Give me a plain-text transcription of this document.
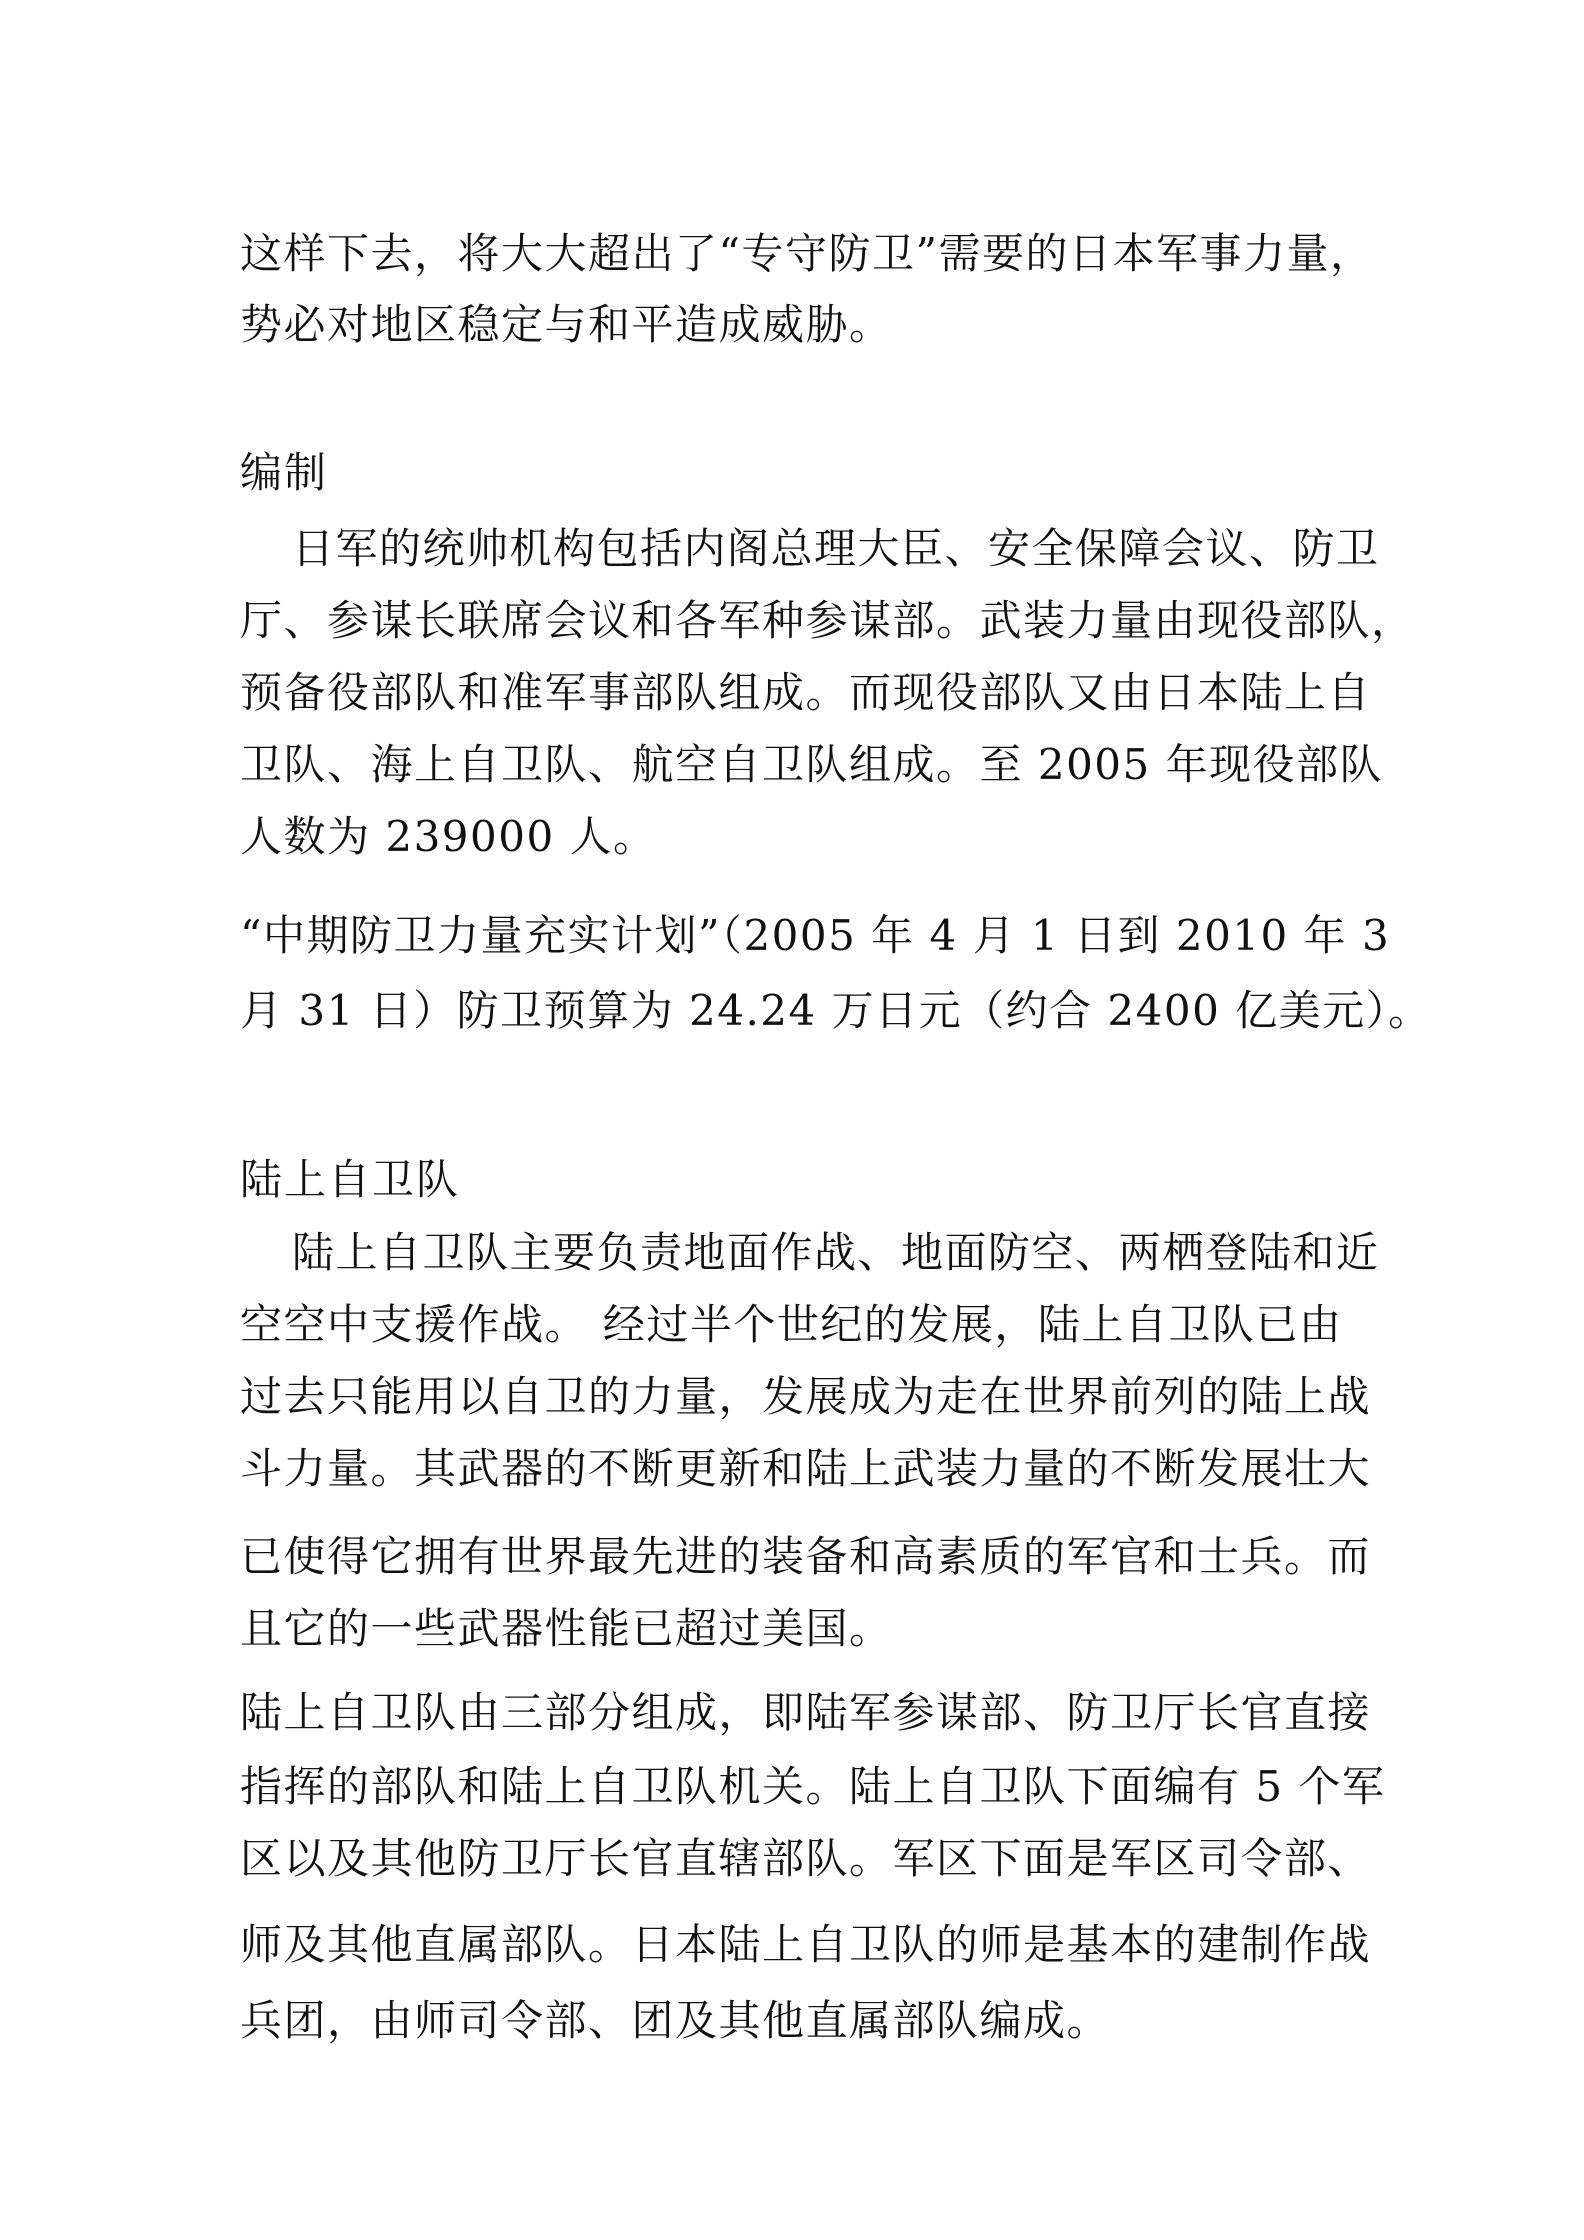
这样下去，将大大超出了“专守防卫”需要的日本军事力量，
势必对地区稳定与和平造成威胁。
编制
日军的统帅机构包括内阁总理大臣、安全保障会议、防卫
厅、参谋长联席会议和各军种参谋部。武装力量由现役部队，
预备役部队和准军事部队组成。而现役部队又由日本陆上自
卫队、海上自卫队、航空自卫队组成。至 2005 年现役部队
人数为 239000 人。
“中期防卫力量充实计划”（2005 年 4 月 1 日到 2010 年 3
月 31 日）防卫预算为 24.24 万日元（约合 2400 亿美元）。
陆上自卫队
陆上自卫队主要负责地面作战、地面防空、两栖登陆和近
空空中支援作战。 经过半个世纪的发展，陆上自卫队已由
过去只能用以自卫的力量，发展成为走在世界前列的陆上战
斗力量。其武器的不断更新和陆上武装力量的不断发展壮大
已使得它拥有世界最先进的装备和高素质的军官和士兵。而
且它的一些武器性能已超过美国。
陆上自卫队由三部分组成，即陆军参谋部、防卫厅长官直接
指挥的部队和陆上自卫队机关。陆上自卫队下面编有 5 个军
区以及其他防卫厅长官直辖部队。军区下面是军区司令部、
师及其他直属部队。日本陆上自卫队的师是基本的建制作战
兵团，由师司令部、团及其他直属部队编成。
